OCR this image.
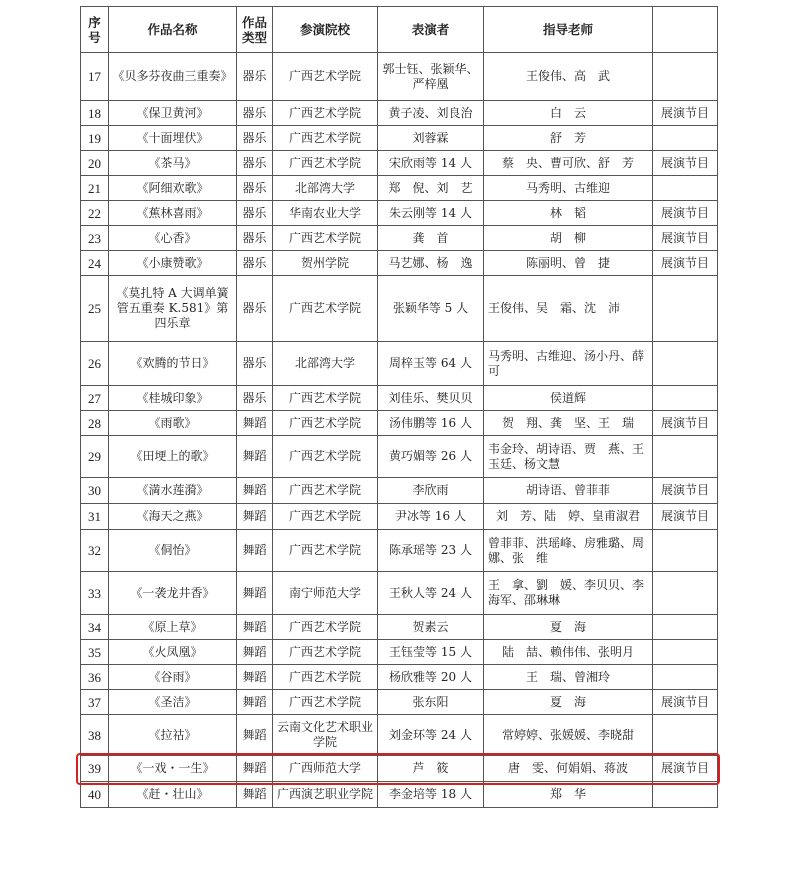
序号	作品名称	作品类型	参演院校	表演者	指导老师	
17	《贝多芬夜曲三重奏》	器乐	广西艺术学院	郭士钰、张颖华、严梓凰	王俊伟、高　武	
18	《保卫黄河》	器乐	广西艺术学院	黄子凌、刘良治	白　云	展演节目
19	《十面埋伏》	器乐	广西艺术学院	刘蓉霖	舒　芳	
20	《茶马》	器乐	广西艺术学院	宋欣雨等 14 人	蔡　央、曹可欣、舒　芳	展演节目
21	《阿细欢歌》	器乐	北部湾大学	郑　倪、刘　艺	马秀明、古维迎	
22	《蕉林喜雨》	器乐	华南农业大学	朱云刚等 14 人	林　韬	展演节目
23	《心香》	器乐	广西艺术学院	龚　首	胡　柳	展演节目
24	《小康赞歌》	器乐	贺州学院	马艺娜、杨　逸	陈丽明、曾　捷	展演节目
25	《莫扎特 A 大调单簧管五重奏 K.581》第四乐章	器乐	广西艺术学院	张颖华等 5 人	王俊伟、吴　霜、沈　沛	
26	《欢腾的节日》	器乐	北部湾大学	周梓玉等 64 人	马秀明、古维迎、汤小丹、薛　可	
27	《桂城印象》	器乐	广西艺术学院	刘佳乐、樊贝贝	侯道辉	
28	《雨歌》	舞蹈	广西艺术学院	汤伟鹏等 16 人	贺　翔、龚　坚、王　瑞	展演节目
29	《田埂上的歌》	舞蹈	广西艺术学院	黄巧媚等 26 人	韦金玲、胡诗语、贾　燕、王玉廷、杨文慧	
30	《満水莲漪》	舞蹈	广西艺术学院	李欣雨	胡诗语、曾菲菲	展演节目
31	《海天之燕》	舞蹈	广西艺术学院	尹冰等 16 人	刘　芳、陆　婷、皇甫淑君	展演节目
32	《侗怡》	舞蹈	广西艺术学院	陈承瑶等 23 人	曾菲菲、洪瑶峰、房雅璐、周　娜、张　维	
33	《一袭龙井香》	舞蹈	南宁师范大学	王秋人等 24 人	王　拿、劉　媛、李贝贝、李海军、邵琳琳	
34	《原上草》	舞蹈	广西艺术学院	贺素云	夏　海	
35	《火凤凰》	舞蹈	广西艺术学院	王钰莹等 15 人	陆　喆、赖伟伟、张明月	
36	《谷雨》	舞蹈	广西艺术学院	杨欣雅等 20 人	王　瑞、曾湘玲	
37	《圣洁》	舞蹈	广西艺术学院	张东阳	夏　海	展演节目
38	《拉祜》	舞蹈	云南文化艺术职业学院	刘金环等 24 人	常婷婷、张媛媛、李晓甜	
39	《一戏・一生》	舞蹈	广西师范大学	芦　筱	唐　雯、何娟娟、蒋波	展演节目
40	《赶・壮山》	舞蹈	广西演艺职业学院	李金培等 18 人	郑　华	
